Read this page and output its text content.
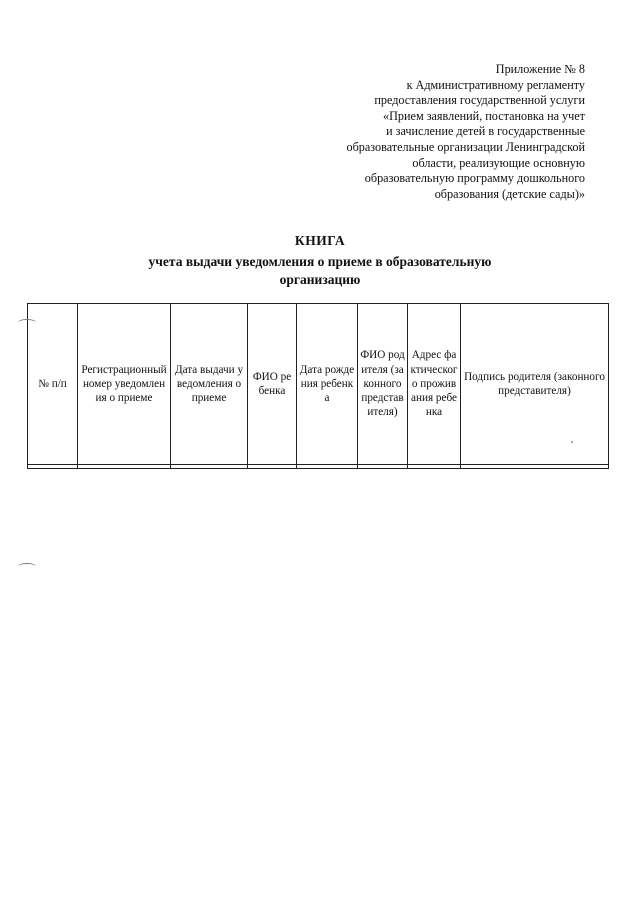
Приложение № 8
к Административному регламенту
предоставления государственной услуги
«Прием заявлений, постановка на учет
и зачисление детей в государственные
образовательные организации Ленинградской
области, реализующие основную
образовательную программу дошкольного
образования (детские сады)»
КНИГА
учета выдачи уведомления о приеме в образовательную
организацию
№ п/п	Регистрационный номер уведомления о приеме	Дата выдачи уведомления о приеме	ФИО ребенка	Дата рождения ребенка	ФИО родителя (законного представителя)	Адрес фактического проживания ребенка	Подпись родителя (законного представителя)
